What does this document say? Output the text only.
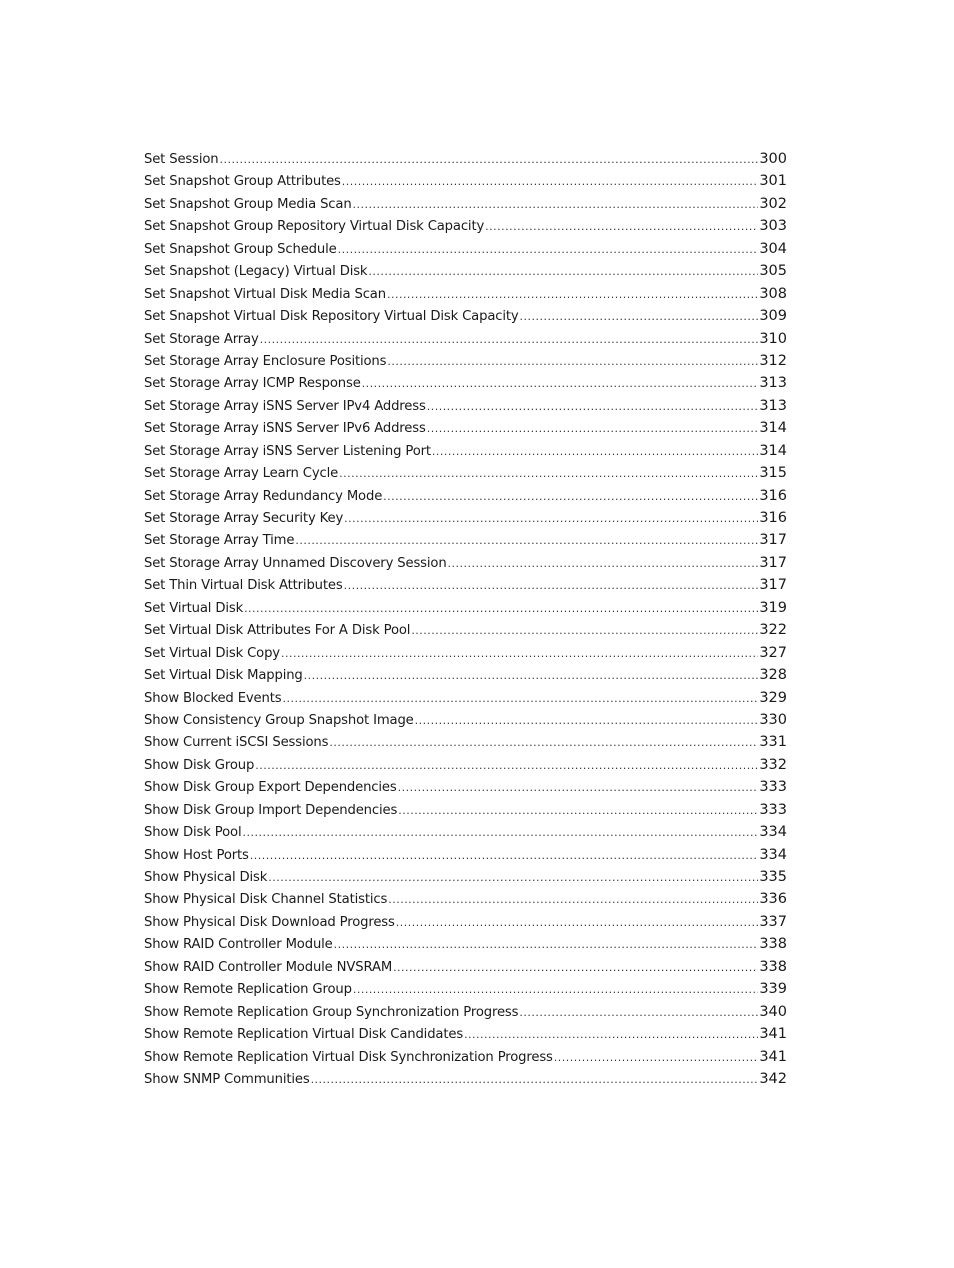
Set Session .....	300
Set Snapshot Group Attributes .....	301
Set Snapshot Group Media Scan .....	302
Set Snapshot Group Repository Virtual Disk Capacity .....	303
Set Snapshot Group Schedule .....	304
Set Snapshot (Legacy) Virtual Disk .....	305
Set Snapshot Virtual Disk Media Scan .....	308
Set Snapshot Virtual Disk Repository Virtual Disk Capacity .....	309
Set Storage Array .....	310
Set Storage Array Enclosure Positions .....	312
Set Storage Array ICMP Response .....	313
Set Storage Array iSNS Server IPv4 Address .....	313
Set Storage Array iSNS Server IPv6 Address .....	314
Set Storage Array iSNS Server Listening Port .....	314
Set Storage Array Learn Cycle .....	315
Set Storage Array Redundancy Mode .....	316
Set Storage Array Security Key .....	316
Set Storage Array Time .....	317
Set Storage Array Unnamed Discovery Session .....	317
Set Thin Virtual Disk Attributes .....	317
Set Virtual Disk .....	319
Set Virtual Disk Attributes For A Disk Pool .....	322
Set Virtual Disk Copy .....	327
Set Virtual Disk Mapping .....	328
Show Blocked Events .....	329
Show Consistency Group Snapshot Image .....	330
Show Current iSCSI Sessions .....	331
Show Disk Group .....	332
Show Disk Group Export Dependencies .....	333
Show Disk Group Import Dependencies .....	333
Show Disk Pool .....	334
Show Host Ports .....	334
Show Physical Disk .....	335
Show Physical Disk Channel Statistics .....	336
Show Physical Disk Download Progress .....	337
Show RAID Controller Module .....	338
Show RAID Controller Module NVSRAM .....	338
Show Remote Replication Group .....	339
Show Remote Replication Group Synchronization Progress .....	340
Show Remote Replication Virtual Disk Candidates .....	341
Show Remote Replication Virtual Disk Synchronization Progress .....	341
Show SNMP Communities .....	342
